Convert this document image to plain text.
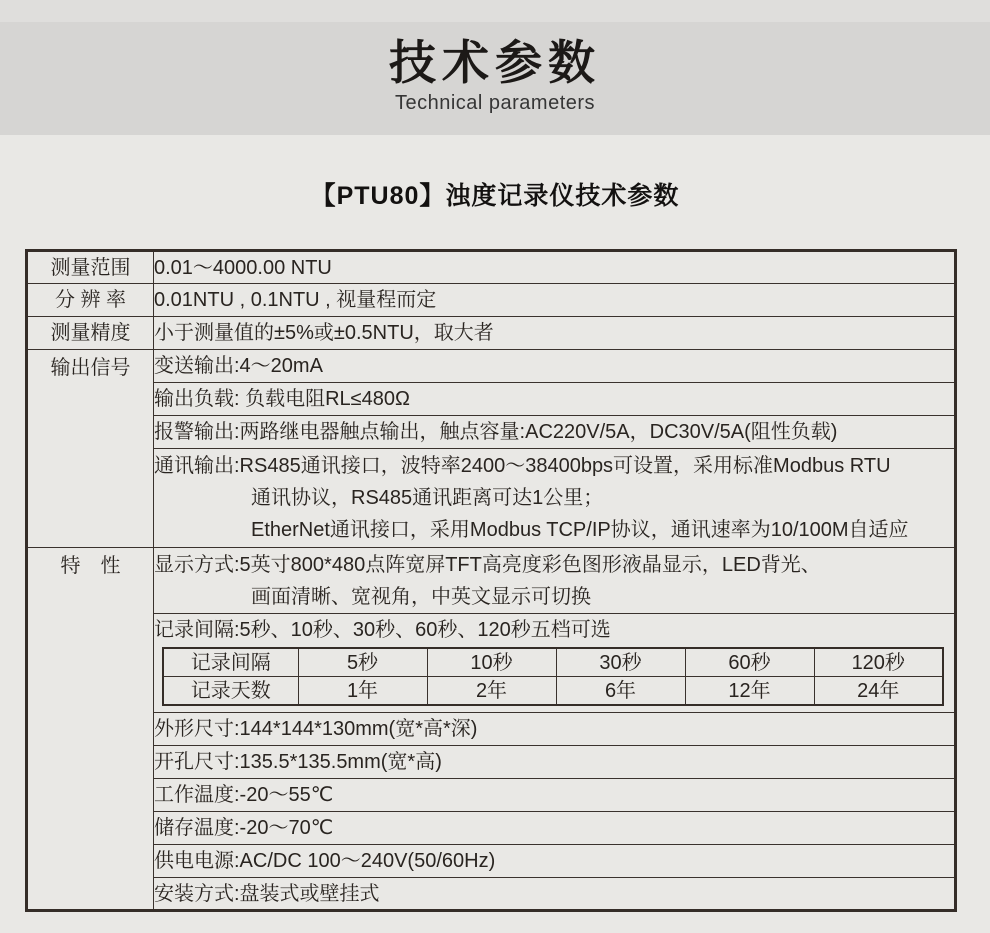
技术参数

Technical parameters

【PTU80】浊度记录仪技术参数
测量范围	0.01～4000.00 NTU
分 辨 率	0.01NTU , 0.1NTU , 视量程而定
测量精度	小于测量值的±5%或±0.5NTU，取大者
输出信号	变送输出:4～20mA
输出负载: 负载电阻RL≤480Ω
报警输出:两路继电器触点输出，触点容量:AC220V/5A，DC30V/5A(阻性负载)

通讯输出:RS485通讯接口，波特率2400～38400bps可设置，采用标准Modbus RTU
通讯协议，RS485通讯距离可达1公里；
EtherNet通讯接口，采用Modbus TCP/IP协议，通讯速率为10/100M自适应

特　性	显示方式:5英寸800*480点阵宽屏TFT高亮度彩色图形液晶显示，LED背光、
画面清晰、宽视角，中英文显示可切换

记录间隔:5秒、10秒、30秒、60秒、120秒五档可选
记录间隔	5秒	10秒	30秒	60秒	120秒
记录天数	1年	2年	6年	12年	24年

外形尺寸:144*144*130mm(宽*高*深)
开孔尺寸:135.5*135.5mm(宽*高)
工作温度:-20～55℃
储存温度:-20～70℃
供电电源:AC/DC 100～240V(50/60Hz)
安装方式:盘装式或壁挂式
